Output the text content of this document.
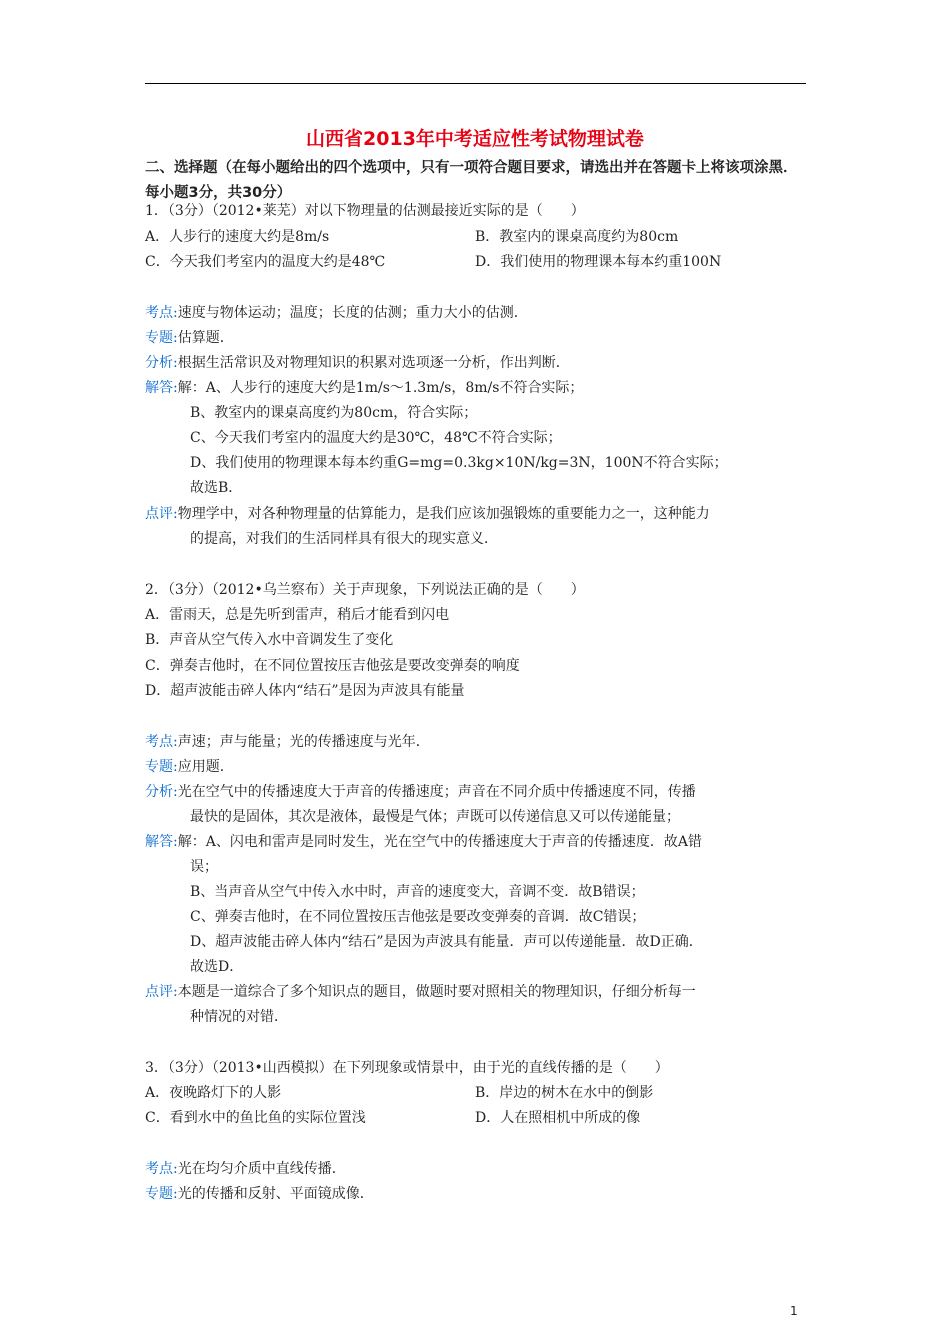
山西省2013年中考适应性考试物理试卷
二、选择题（在每小题给出的四个选项中，只有一项符合题目要求，请选出并在答题卡上将该项涂黑．每小题3分，共30分）
1．（3分）（2012•莱芜）对以下物理量的估测最接近实际的是（　　）
A．人步行的速度大约是8m/s	B．教室内的课桌高度约为80cm
C．今天我们考室内的温度大约是48℃	D．我们使用的物理课本每本约重100N
考点:速度与物体运动；温度；长度的估测；重力大小的估测．
专题:估算题．
分析:根据生活常识及对物理知识的积累对选项逐一分析，作出判断．
解答:解：A、人步行的速度大约是1m/s～1.3m/s，8m/s不符合实际；
B、教室内的课桌高度约为80cm，符合实际；
C、今天我们考室内的温度大约是30℃，48℃不符合实际；
D、我们使用的物理课本每本约重G=mg=0.3kg×10N/kg=3N，100N不符合实际；
故选B．
点评:物理学中，对各种物理量的估算能力，是我们应该加强锻炼的重要能力之一，这种能力
的提高，对我们的生活同样具有很大的现实意义．
2．（3分）（2012•乌兰察布）关于声现象，下列说法正确的是（　　）
A．雷雨天，总是先听到雷声，稍后才能看到闪电
B．声音从空气传入水中音调发生了变化
C．弹奏吉他时，在不同位置按压吉他弦是要改变弹奏的响度
D．超声波能击碎人体内“结石”是因为声波具有能量
考点:声速；声与能量；光的传播速度与光年．
专题:应用题．
分析:光在空气中的传播速度大于声音的传播速度；声音在不同介质中传播速度不同，传播
最快的是固体，其次是液体，最慢是气体；声既可以传递信息又可以传递能量；
解答:解：A、闪电和雷声是同时发生，光在空气中的传播速度大于声音的传播速度．故A错
误；
B、当声音从空气中传入水中时，声音的速度变大，音调不变．故B错误；
C、弹奏吉他时，在不同位置按压吉他弦是要改变弹奏的音调．故C错误；
D、超声波能击碎人体内“结石”是因为声波具有能量．声可以传递能量．故D正确．
故选D．
点评:本题是一道综合了多个知识点的题目，做题时要对照相关的物理知识，仔细分析每一
种情况的对错．
3．（3分）（2013•山西模拟）在下列现象或情景中，由于光的直线传播的是（　　）
A．夜晚路灯下的人影	B．岸边的树木在水中的倒影
C．看到水中的鱼比鱼的实际位置浅	D．人在照相机中所成的像
考点:光在均匀介质中直线传播．
专题:光的传播和反射、平面镜成像．
1
